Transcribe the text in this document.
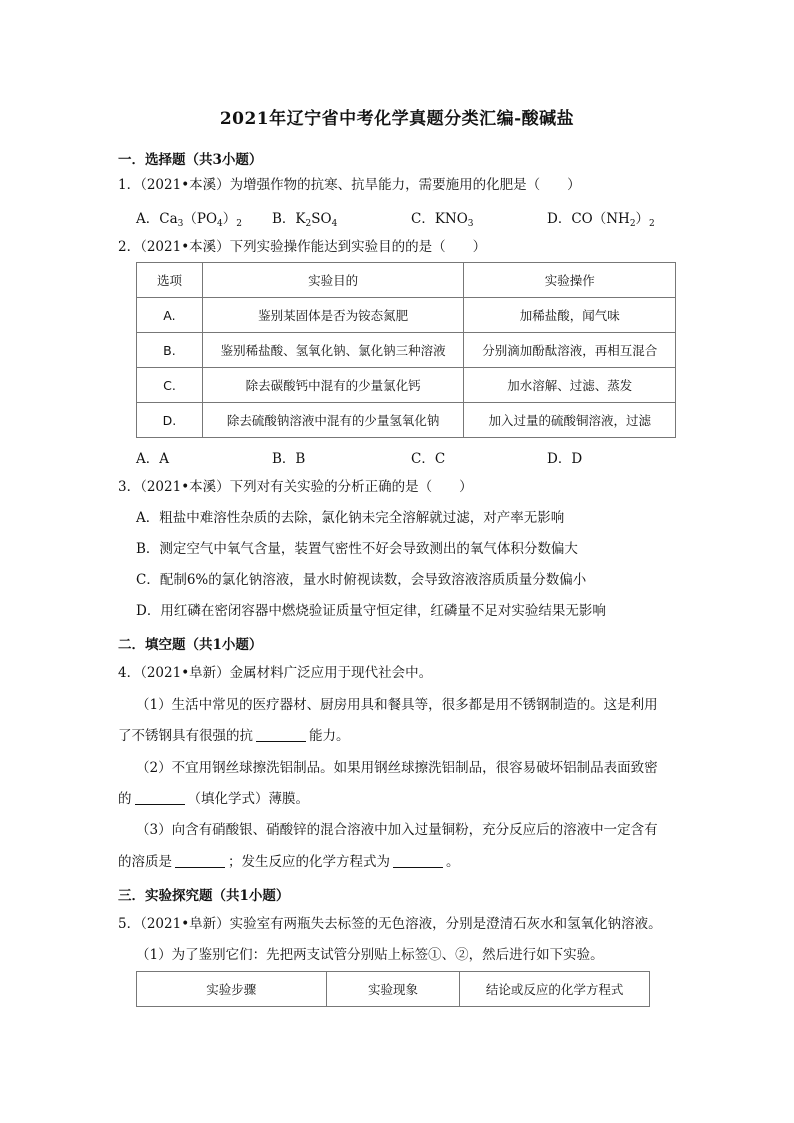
2021年辽宁省中考化学真题分类汇编-酸碱盐
一．选择题（共3小题）
1．（2021•本溪）为增强作物的抗寒、抗旱能力，需要施用的化肥是（　　）
A．$Ca_3(PO_4)_2$ B．$K_2SO_4$	C．$KNO_3$	D．$CO(NH_2)_2$
2．（2021•本溪）下列实验操作能达到实验目的的是（　　）
选项	实验目的	实验操作
A.	鉴别某固体是否为铵态氮肥	加稀盐酸，闻气味
B.	鉴别稀盐酸、氢氧化钠、氯化钠三种溶液	分别滴加酚酞溶液，再相互混合
C.	除去碳酸钙中混有的少量氯化钙	加水溶解、过滤、蒸发
D.	除去硫酸钠溶液中混有的少量氢氧化钠	加入过量的硫酸铜溶液，过滤
A．A	B．B	C．C	D．D
3．（2021•本溪）下列对有关实验的分析正确的是（　　）
A．粗盐中难溶性杂质的去除，氯化钠未完全溶解就过滤，对产率无影响
B．测定空气中氧气含量，装置气密性不好会导致测出的氧气体积分数偏大
C．配制6%的氯化钠溶液，量水时俯视读数，会导致溶液溶质质量分数偏小
D．用红磷在密闭容器中燃烧验证质量守恒定律，红磷量不足对实验结果无影响
二．填空题（共1小题）
4．（2021•阜新）金属材料广泛应用于现代社会中。
（1）生活中常见的医疗器材、厨房用具和餐具等，很多都是用不锈钢制造的。这是利用
了不锈钢具有很强的抗	能力。
（2）不宜用钢丝球擦洗铝制品。如果用钢丝球擦洗铝制品，很容易破坏铝制品表面致密
的	（填化学式）薄膜。
（3）向含有硝酸银、硝酸锌的混合溶液中加入过量铜粉，充分反应后的溶液中一定含有
的溶质是	；发生反应的化学方程式为	。
三．实验探究题（共1小题）
5．（2021•阜新）实验室有两瓶失去标签的无色溶液，分别是澄清石灰水和氢氧化钠溶液。
（1）为了鉴别它们：先把两支试管分别贴上标签①、②，然后进行如下实验。
实验步骤	实验现象	结论或反应的化学方程式
